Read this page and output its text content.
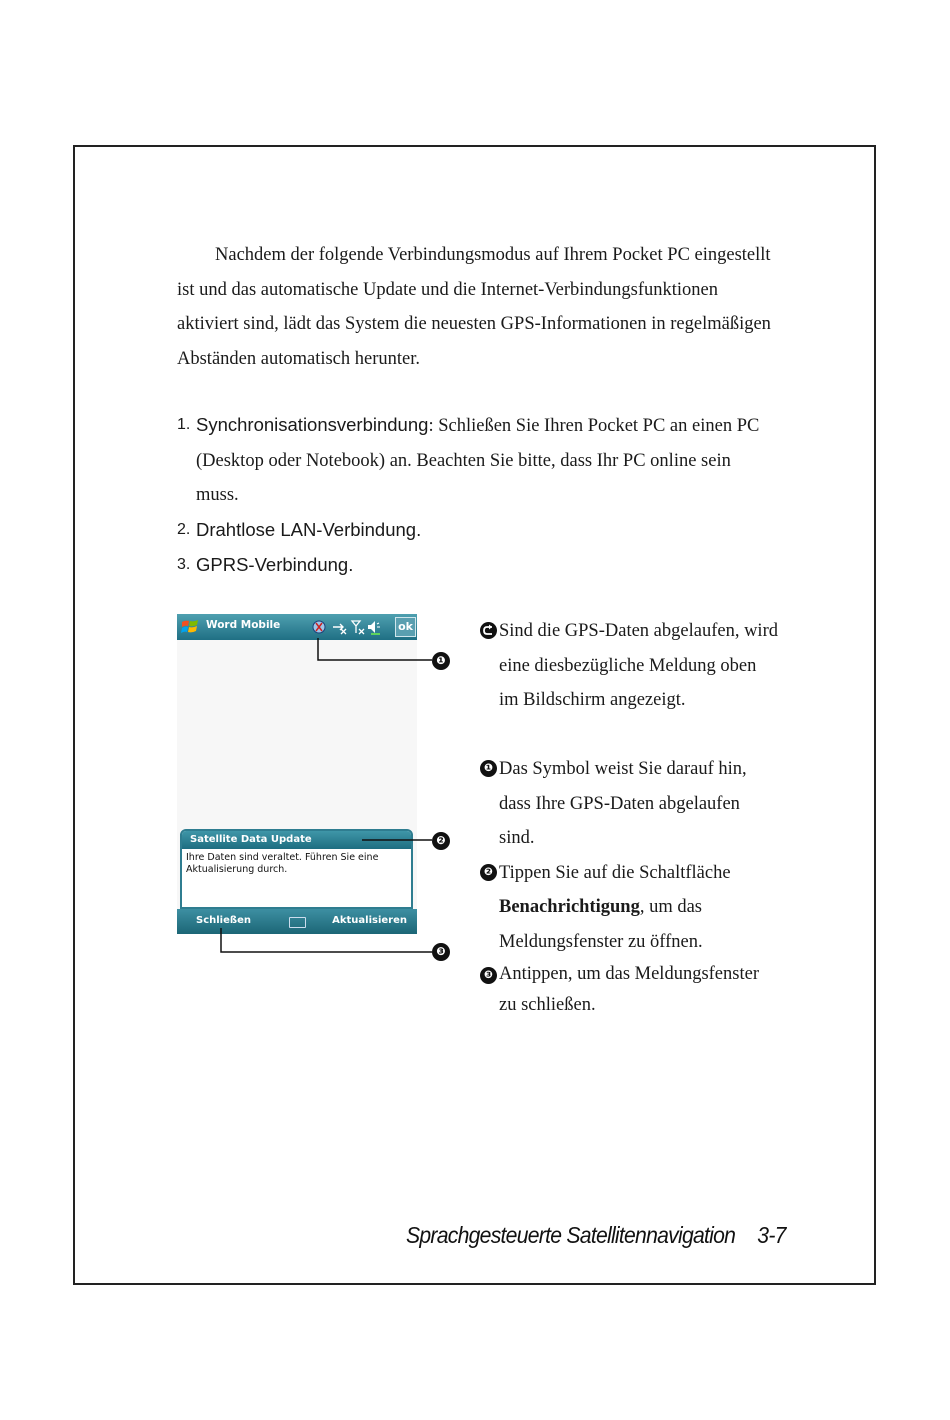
Nachdem der folgende Verbindungsmodus auf Ihrem Pocket PC eingestellt ist und das automatische Update und die Internet-Verbindungsfunktionen aktiviert sind, lädt das System die neuesten GPS-Informationen in regelmäßigen Abständen automatisch herunter.

1. Synchronisationsverbindung: Schließen Sie Ihren Pocket PC an einen PC (Desktop oder Notebook) an. Beachten Sie bitte, dass Ihr PC online sein muss.
2. Drahtlose LAN-Verbindung.
3. GPRS-Verbindung.
Word Mobile	ok
Satellite Data Update
Ihre Daten sind veraltet. Führen Sie eine Aktualisierung durch.
Schließen	Aktualisieren
❶
❷
❸
Sind die GPS-Daten abgelaufen, wird eine diesbezügliche Meldung oben im Bildschirm angezeigt.
❶ Das Symbol weist Sie darauf hin, dass Ihre GPS-Daten abgelaufen sind.
❷ Tippen Sie auf die Schaltfläche Benachrichtigung, um das Meldungsfenster zu öffnen.
❸ Antippen, um das Meldungsfenster zu schließen.
Sprachgesteuerte Satellitennavigation 3-7
